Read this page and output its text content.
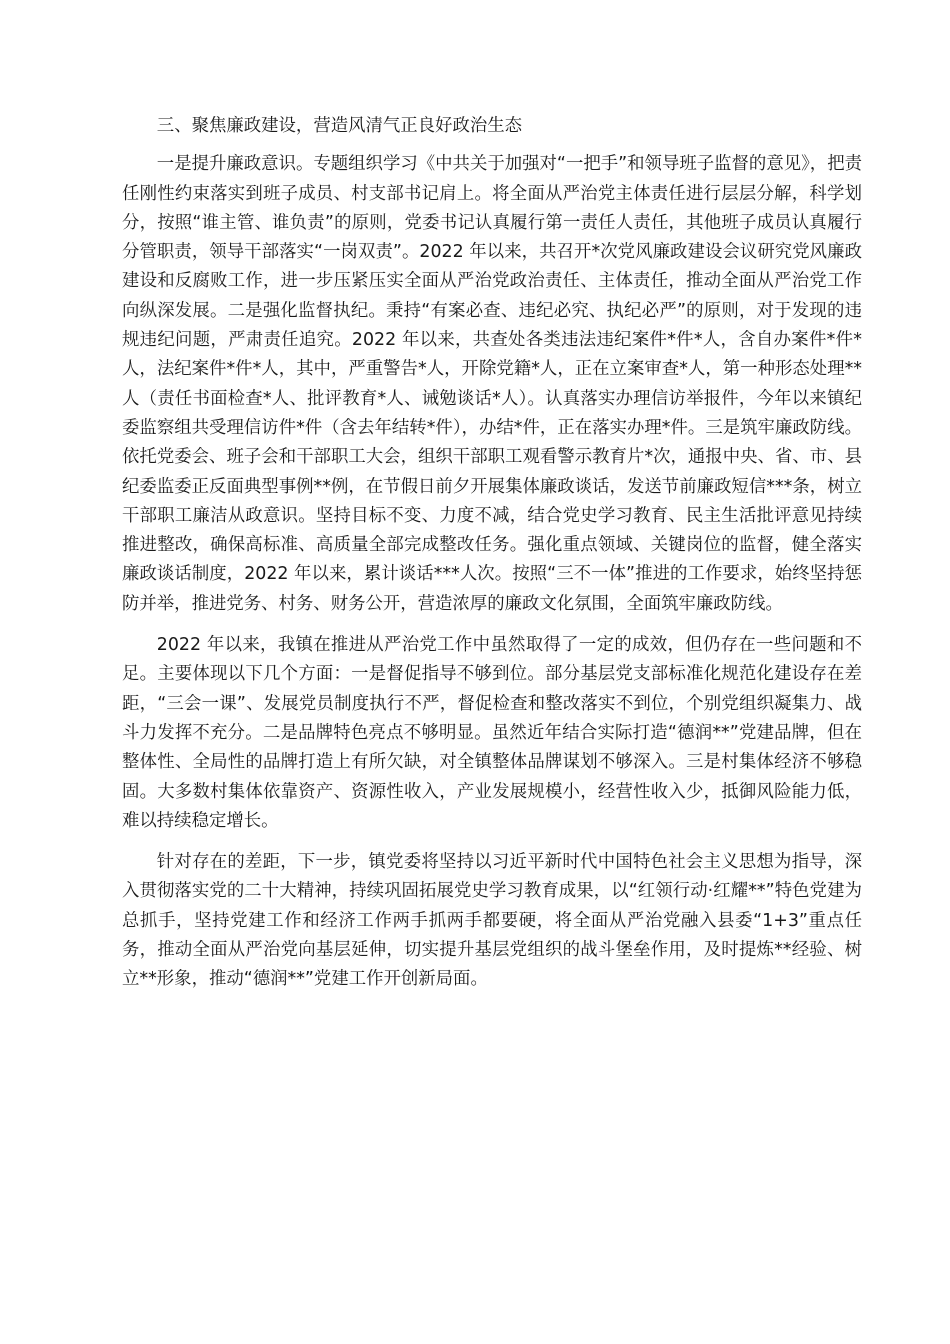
三、聚焦廉政建设，营造风清气正良好政治生态

一是提升廉政意识。专题组织学习《中共关于加强对“一把手”和领导班子监督的意见》，把责任刚性约束落实到班子成员、村支部书记肩上。将全面从严治党主体责任进行层层分解，科学划分，按照“谁主管、谁负责”的原则，党委书记认真履行第一责任人责任，其他班子成员认真履行分管职责，领导干部落实“一岗双责”。2022 年以来，共召开*次党风廉政建设会议研究党风廉政建设和反腐败工作，进一步压紧压实全面从严治党政治责任、主体责任，推动全面从严治党工作向纵深发展。二是强化监督执纪。秉持“有案必查、违纪必究、执纪必严”的原则，对于发现的违规违纪问题，严肃责任追究。2022 年以来，共查处各类违法违纪案件*件*人，含自办案件*件*人，法纪案件*件*人，其中，严重警告*人，开除党籍*人，正在立案审查*人，第一种形态处理**人（责任书面检查*人、批评教育*人、诫勉谈话*人）。认真落实办理信访举报件，今年以来镇纪委监察组共受理信访件*件（含去年结转*件），办结*件，正在落实办理*件。三是筑牢廉政防线。依托党委会、班子会和干部职工大会，组织干部职工观看警示教育片*次，通报中央、省、市、县纪委监委正反面典型事例**例，在节假日前夕开展集体廉政谈话，发送节前廉政短信***条，树立干部职工廉洁从政意识。坚持目标不变、力度不减，结合党史学习教育、民主生活批评意见持续推进整改，确保高标准、高质量全部完成整改任务。强化重点领域、关键岗位的监督，健全落实廉政谈话制度，2022 年以来，累计谈话***人次。按照“三不一体”推进的工作要求，始终坚持惩防并举，推进党务、村务、财务公开，营造浓厚的廉政文化氛围，全面筑牢廉政防线。

2022 年以来，我镇在推进从严治党工作中虽然取得了一定的成效，但仍存在一些问题和不足。主要体现以下几个方面：一是督促指导不够到位。部分基层党支部标准化规范化建设存在差距，“三会一课”、发展党员制度执行不严，督促检查和整改落实不到位，个别党组织凝集力、战斗力发挥不充分。二是品牌特色亮点不够明显。虽然近年结合实际打造“德润**”党建品牌，但在整体性、全局性的品牌打造上有所欠缺，对全镇整体品牌谋划不够深入。三是村集体经济不够稳固。大多数村集体依靠资产、资源性收入，产业发展规模小，经营性收入少，抵御风险能力低，难以持续稳定增长。

针对存在的差距，下一步，镇党委将坚持以习近平新时代中国特色社会主义思想为指导，深入贯彻落实党的二十大精神，持续巩固拓展党史学习教育成果，以“红领行动·红耀**”特色党建为总抓手，坚持党建工作和经济工作两手抓两手都要硬，将全面从严治党融入县委“1+3”重点任务，推动全面从严治党向基层延伸，切实提升基层党组织的战斗堡垒作用，及时提炼**经验、树立**形象，推动“德润**”党建工作开创新局面。
